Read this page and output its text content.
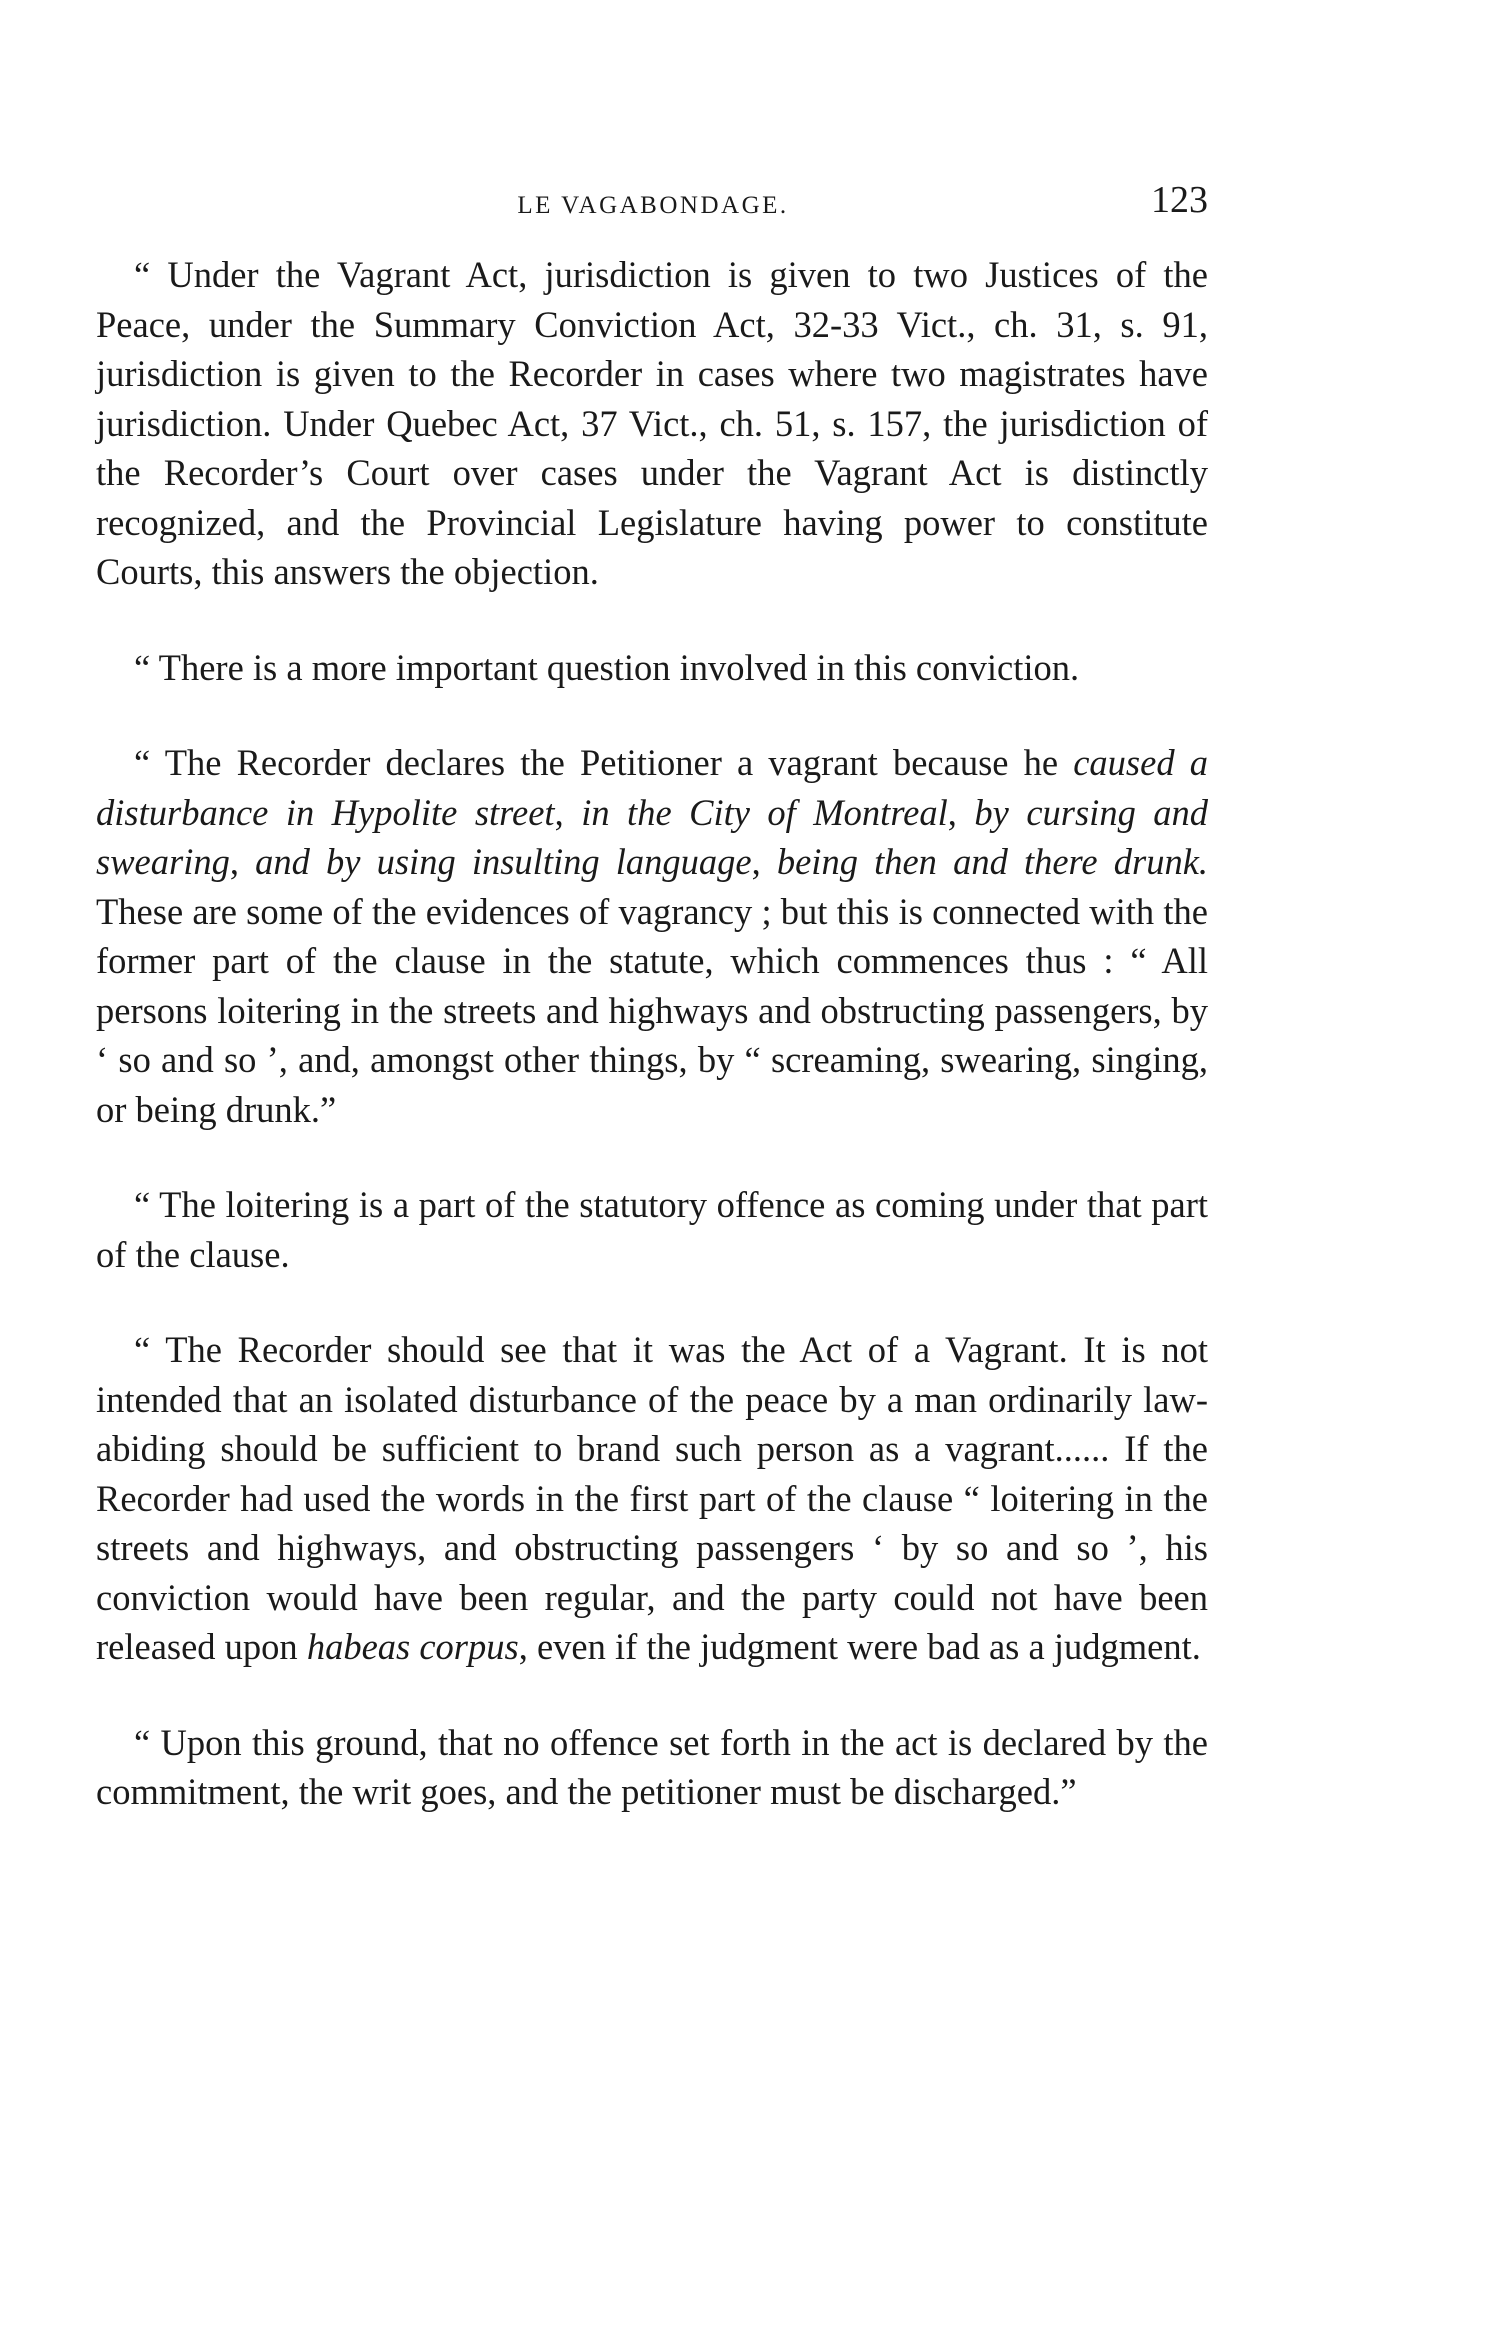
LE VAGABONDAGE.	123

“ Under the Vagrant Act, jurisdiction is given to two Justices of the Peace, under the Summary Conviction Act, 32-33 Vict., ch. 31, s. 91, jurisdiction is given to the Recorder in cases where two magistrates have jurisdiction. Under Quebec Act, 37 Vict., ch. 51, s. 157, the jurisdiction of the Recorder’s Court over cases under the Vagrant Act is distinctly recognized, and the Provincial Legislature having power to constitute Courts, this answers the objection.

“ There is a more important question involved in this conviction.

“ The Recorder declares the Petitioner a vagrant because he caused a disturbance in Hypolite street, in the City of Montreal, by cursing and swearing, and by using insulting language, being then and there drunk. These are some of the evidences of vagrancy ; but this is connected with the former part of the clause in the statute, which commences thus : “ All persons loitering in the streets and highways and obstructing passengers, by ‘ so and so ’, and, amongst other things, by “ screaming, swearing, singing, or being drunk.”

“ The loitering is a part of the statutory offence as coming under that part of the clause.

“ The Recorder should see that it was the Act of a Vagrant. It is not intended that an isolated disturbance of the peace by a man ordinarily law-abiding should be sufficient to brand such person as a vagrant...... If the Recorder had used the words in the first part of the clause “ loitering in the streets and highways, and obstructing passengers ‘ by so and so ’, his conviction would have been regular, and the party could not have been released upon habeas corpus, even if the judgment were bad as a judgment.

“ Upon this ground, that no offence set forth in the act is declared by the commitment, the writ goes, and the petitioner must be discharged.”
